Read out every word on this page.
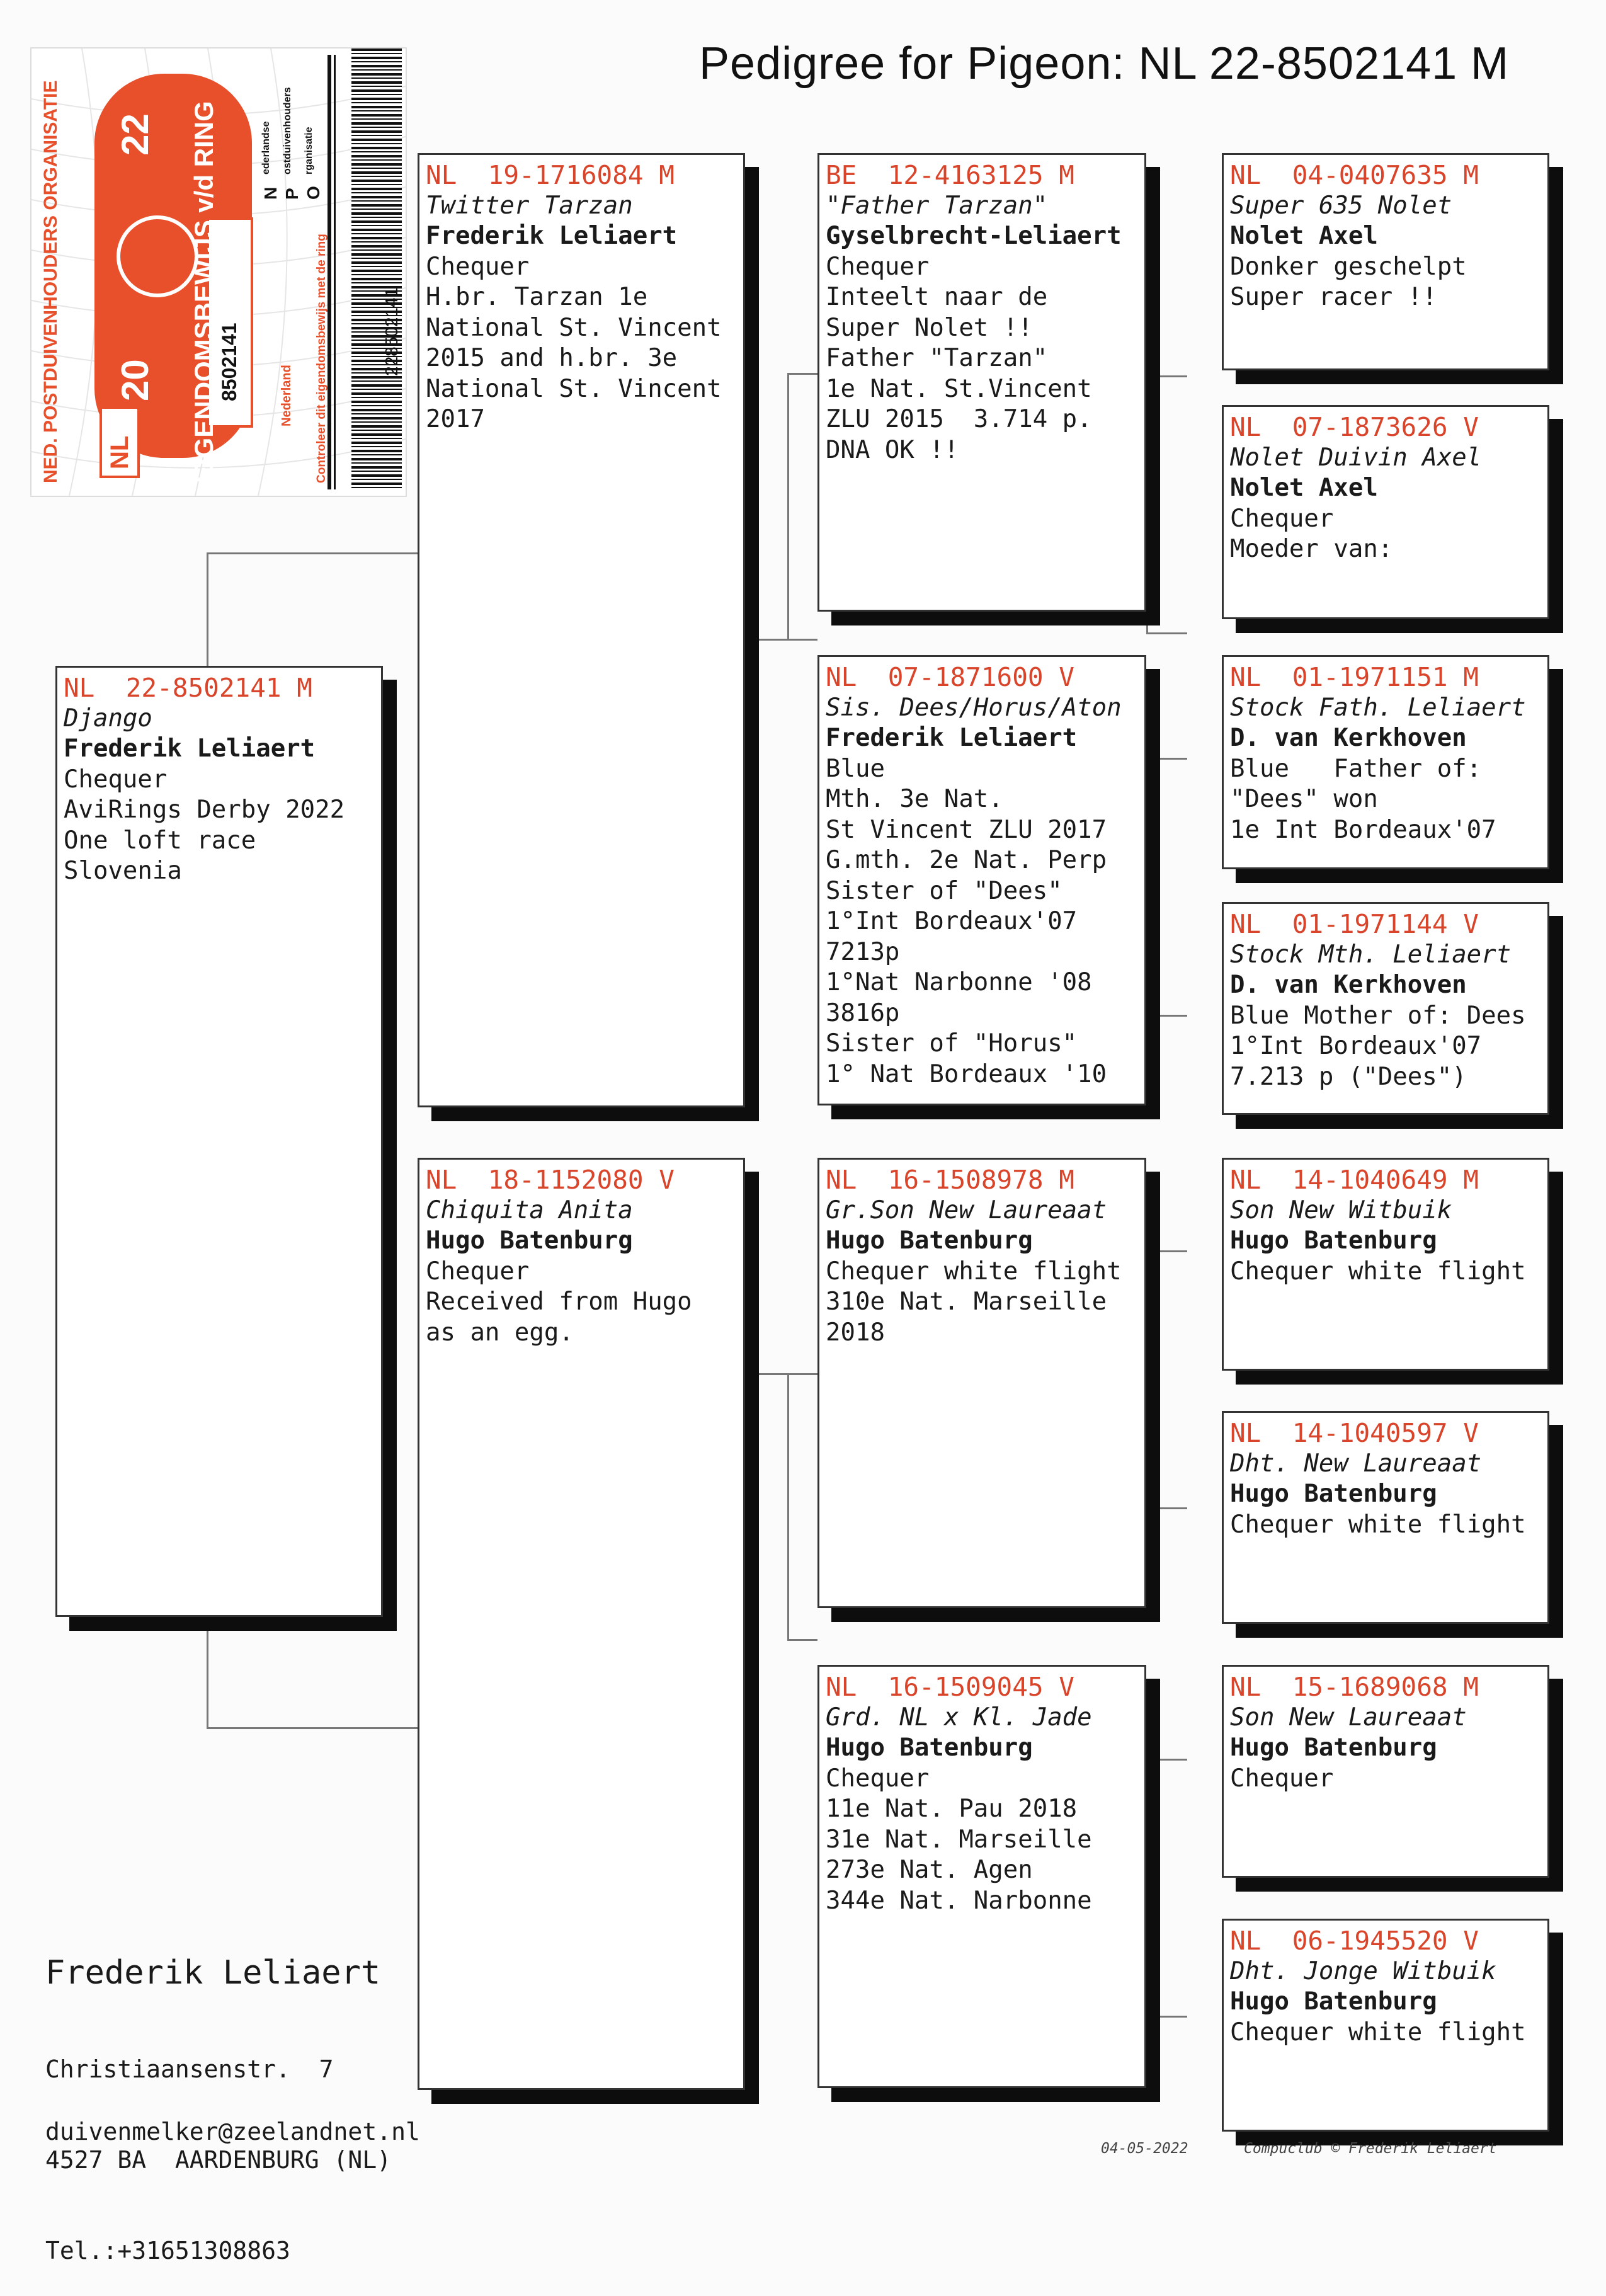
Pedigree for Pigeon: NL 22-8502141 M
NED. POSTDUIVENHOUDERS ORGANISATIE	EIGENDOMSBEWIJS v/d RING
22
20	8502141
NL
Nederland Controleer dit eigendomsbewijs met de ring	228502141
N
ederlandse
P
ostduivenhouders
O
rganisatie
NL  22-8502141 M
Django
Frederik Leliaert
Chequer
AviRings Derby 2022
One loft race
Slovenia
NL  19-1716084 M
Twitter Tarzan
Frederik Leliaert
Chequer
H.br. Tarzan 1e
National St. Vincent
2015 and h.br. 3e
National St. Vincent
2017
NL  18-1152080 V
Chiquita Anita
Hugo Batenburg
Chequer
Received from Hugo
as an egg.
BE  12-4163125 M
"Father Tarzan"
Gyselbrecht-Leliaert
Chequer
Inteelt naar de
Super Nolet !!
Father "Tarzan"
1e Nat. St.Vincent
ZLU 2015  3.714 p.
DNA OK !!
NL  07-1871600 V
Sis. Dees/Horus/Aton
Frederik Leliaert
Blue
Mth. 3e Nat.
St Vincent ZLU 2017
G.mth. 2e Nat. Perp
Sister of "Dees"
1°Int Bordeaux'07
7213p
1°Nat Narbonne '08
3816p
Sister of "Horus"
1° Nat Bordeaux '10
NL  16-1508978 M
Gr.Son New Laureaat
Hugo Batenburg
Chequer white flight
310e Nat. Marseille
2018
NL  16-1509045 V
Grd. NL x Kl. Jade
Hugo Batenburg
Chequer
11e Nat. Pau 2018
31e Nat. Marseille
273e Nat. Agen
344e Nat. Narbonne
NL  04-0407635 M
Super 635 Nolet
Nolet Axel
Donker geschelpt
Super racer !!
NL  07-1873626 V
Nolet Duivin Axel
Nolet Axel
Chequer
Moeder van:
NL  01-1971151 M
Stock Fath. Leliaert
D. van Kerkhoven
Blue   Father of:
"Dees" won
1e Int Bordeaux'07
NL  01-1971144 V
Stock Mth. Leliaert
D. van Kerkhoven
Blue Mother of: Dees
1°Int Bordeaux'07
7.213 p ("Dees")
NL  14-1040649 M
Son New Witbuik
Hugo Batenburg
Chequer white flight
NL  14-1040597 V
Dht. New Laureaat
Hugo Batenburg
Chequer white flight
NL  15-1689068 M
Son New Laureaat
Hugo Batenburg
Chequer
NL  06-1945520 V
Dht. Jonge Witbuik
Hugo Batenburg
Chequer white flight
Frederik Leliaert

Christiaansenstr.  7

4527 BA  AARDENBURG (NL)

Tel.:+31651308863

duivenmelker@zeelandnet.nl
04-05-2022	Compuclub © Frederik Leliaert
